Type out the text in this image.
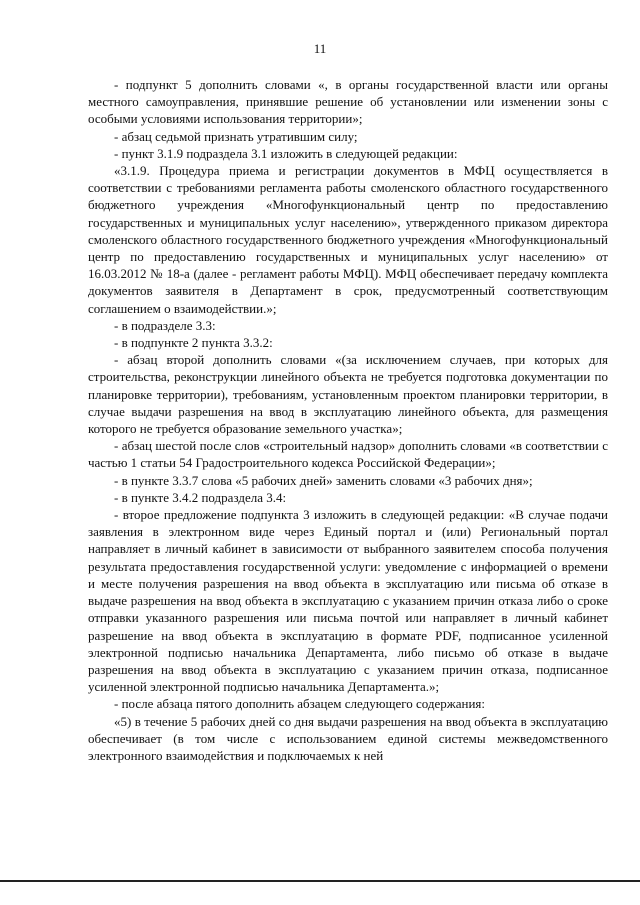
11

- подпункт 5 дополнить словами «, в органы государственной власти или органы местного самоуправления, принявшие решение об установлении или изменении зоны с особыми условиями использования территории»;

- абзац седьмой признать утратившим силу;

- пункт 3.1.9 подраздела 3.1 изложить в следующей редакции:

«3.1.9. Процедура приема и регистрации документов в МФЦ осуществляется в соответствии с требованиями регламента работы смоленского областного государственного бюджетного учреждения «Многофункциональный центр по предоставлению государственных и муниципальных услуг населению», утвержденного приказом директора смоленского областного государственного бюджетного учреждения «Многофункциональный центр по предоставлению государственных и муниципальных услуг населению» от 16.03.2012 № 18-а (далее - регламент работы МФЦ). МФЦ обеспечивает передачу комплекта документов заявителя в Департамент в срок, предусмотренный соответствующим соглашением о взаимодействии.»;

- в подразделе 3.3:

- в подпункте 2 пункта 3.3.2:

- абзац второй дополнить словами «(за исключением случаев, при которых для строительства, реконструкции линейного объекта не требуется подготовка документации по планировке территории), требованиям, установленным проектом планировки территории, в случае выдачи разрешения на ввод в эксплуатацию линейного объекта, для размещения которого не требуется образование земельного участка»;

- абзац шестой после слов «строительный надзор» дополнить словами «в соответствии с частью 1 статьи 54 Градостроительного кодекса Российской Федерации»;

- в пункте 3.3.7 слова «5 рабочих дней» заменить словами «3 рабочих дня»;

- в пункте 3.4.2 подраздела 3.4:

- второе предложение подпункта 3 изложить в следующей редакции: «В случае подачи заявления в электронном виде через Единый портал и (или) Региональный портал направляет в личный кабинет в зависимости от выбранного заявителем способа получения результата предоставления государственной услуги: уведомление с информацией о времени и месте получения разрешения на ввод объекта в эксплуатацию или письма об отказе в выдаче разрешения на ввод объекта в эксплуатацию с указанием причин отказа либо о сроке отправки указанного разрешения или письма почтой или направляет в личный кабинет разрешение на ввод объекта в эксплуатацию в формате PDF, подписанное усиленной электронной подписью начальника Департамента, либо письмо об отказе в выдаче разрешения на ввод объекта в эксплуатацию с указанием причин отказа, подписанное усиленной электронной подписью начальника Департамента.»;

- после абзаца пятого дополнить абзацем следующего содержания:

«5) в течение 5 рабочих дней со дня выдачи разрешения на ввод объекта в эксплуатацию обеспечивает (в том числе с использованием единой системы межведомственного электронного взаимодействия и подключаемых к ней
